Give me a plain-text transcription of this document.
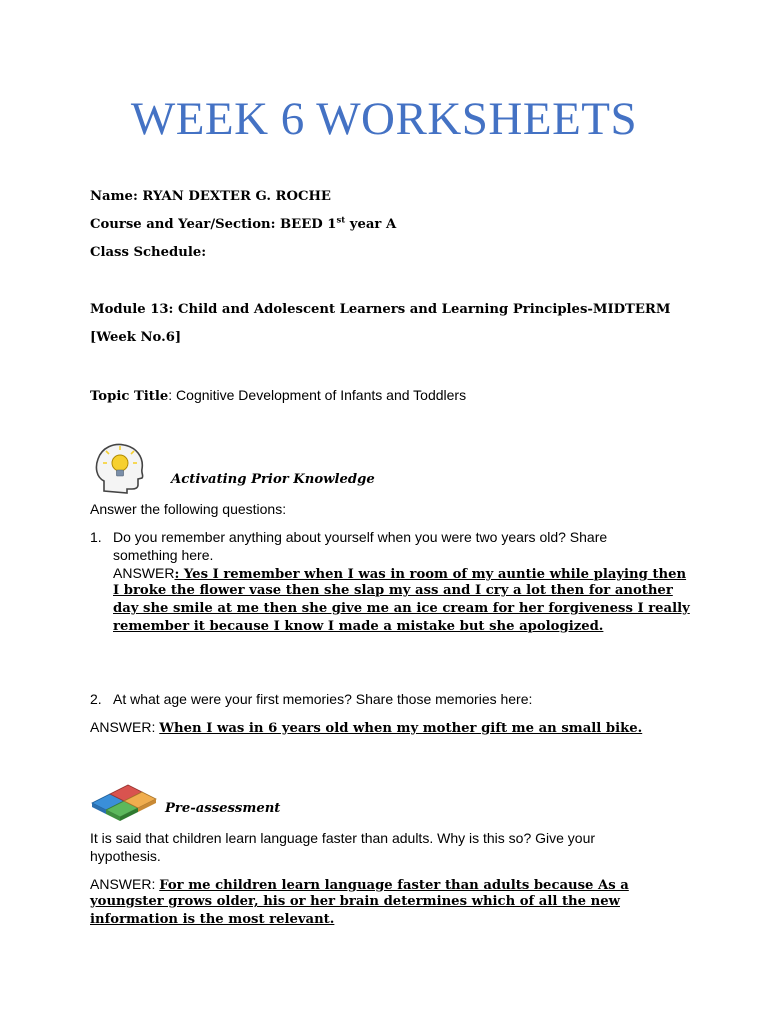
WEEK 6 WORKSHEETS
Name: RYAN DEXTER G. ROCHE
Course and Year/Section: BEED 1st year A
Class Schedule:
Module 13: Child and Adolescent Learners and Learning Principles-MIDTERM
[Week No.6]
Topic Title: Cognitive Development of Infants and Toddlers
Activating Prior Knowledge
Answer the following questions:
1. Do you remember anything about yourself when you were two years old? Share
something here.
ANSWER: Yes I remember when I was in room of my auntie while playing then
I broke the flower vase then she slap my ass and I cry a lot then for another
day she smile at me then she give me an ice cream for her forgiveness I really
remember it because I know I made a mistake but she apologized.
2. At what age were your first memories? Share those memories here:
ANSWER: When I was in 6 years old when my mother gift me an small bike.
Pre-assessment
It is said that children learn language faster than adults. Why is this so? Give your
hypothesis.
ANSWER: For me children learn language faster than adults because As a
youngster grows older, his or her brain determines which of all the new
information is the most relevant.
